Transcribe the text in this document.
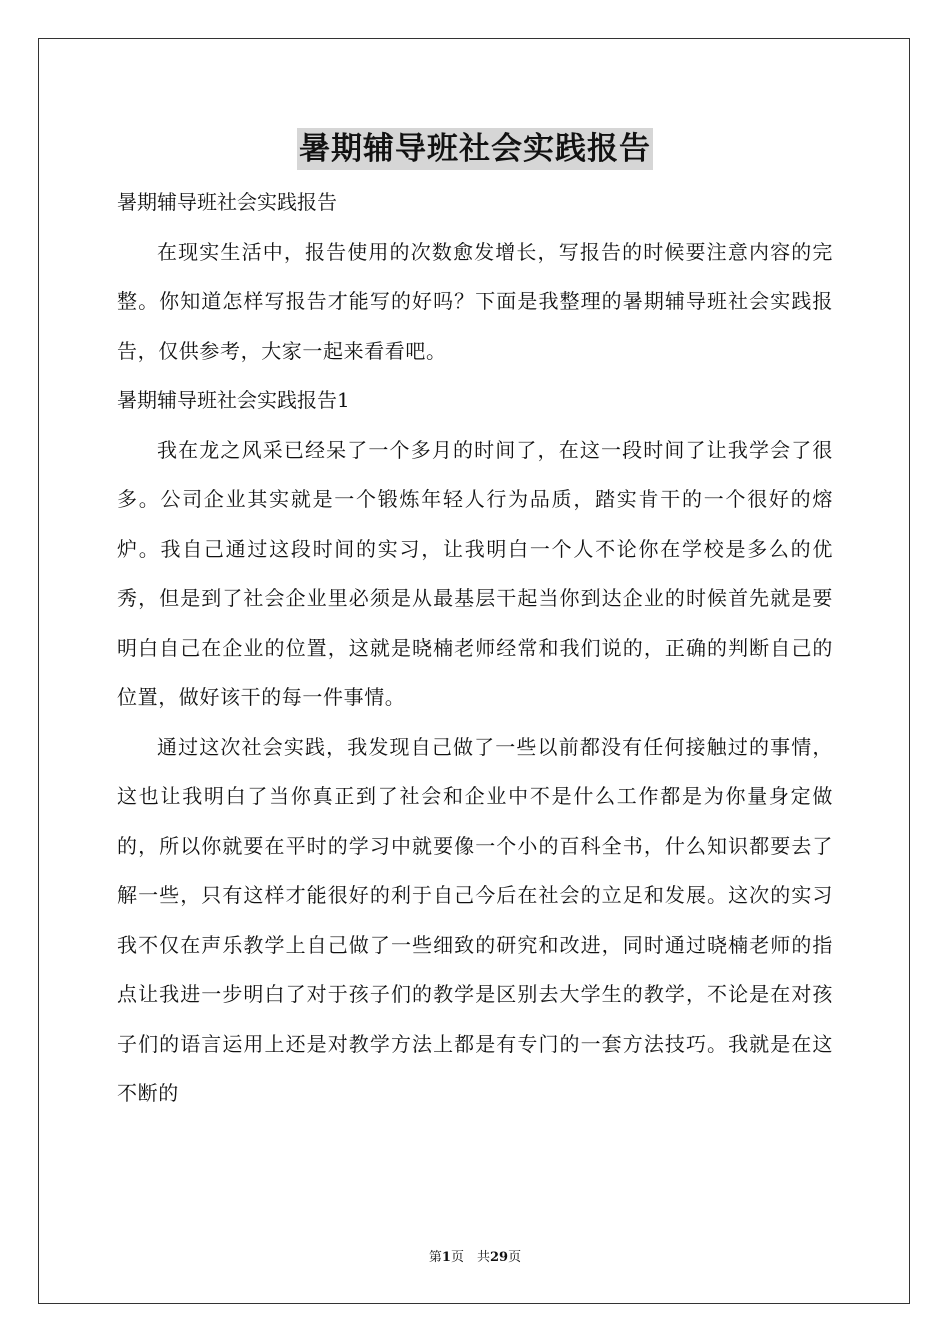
暑期辅导班社会实践报告

暑期辅导班社会实践报告

在现实生活中，报告使用的次数愈发增长，写报告的时候要注意内容的完整。你知道怎样写报告才能写的好吗？下面是我整理的暑期辅导班社会实践报告，仅供参考，大家一起来看看吧。

暑期辅导班社会实践报告1

我在龙之风采已经呆了一个多月的时间了，在这一段时间了让我学会了很多。公司企业其实就是一个锻炼年轻人行为品质，踏实肯干的一个很好的熔炉。我自己通过这段时间的实习，让我明白一个人不论你在学校是多么的优秀，但是到了社会企业里必须是从最基层干起当你到达企业的时候首先就是要明白自己在企业的位置，这就是晓楠老师经常和我们说的，正确的判断自己的位置，做好该干的每一件事情。

通过这次社会实践，我发现自己做了一些以前都没有任何接触过的事情，这也让我明白了当你真正到了社会和企业中不是什么工作都是为你量身定做的，所以你就要在平时的学习中就要像一个小的百科全书，什么知识都要去了解一些，只有这样才能很好的利于自己今后在社会的立足和发展。这次的实习我不仅在声乐教学上自己做了一些细致的研究和改进，同时通过晓楠老师的指点让我进一步明白了对于孩子们的教学是区别去大学生的教学，不论是在对孩子们的语言运用上还是对教学方法上都是有专门的一套方法技巧。我就是在这不断的

第1页　共29页
